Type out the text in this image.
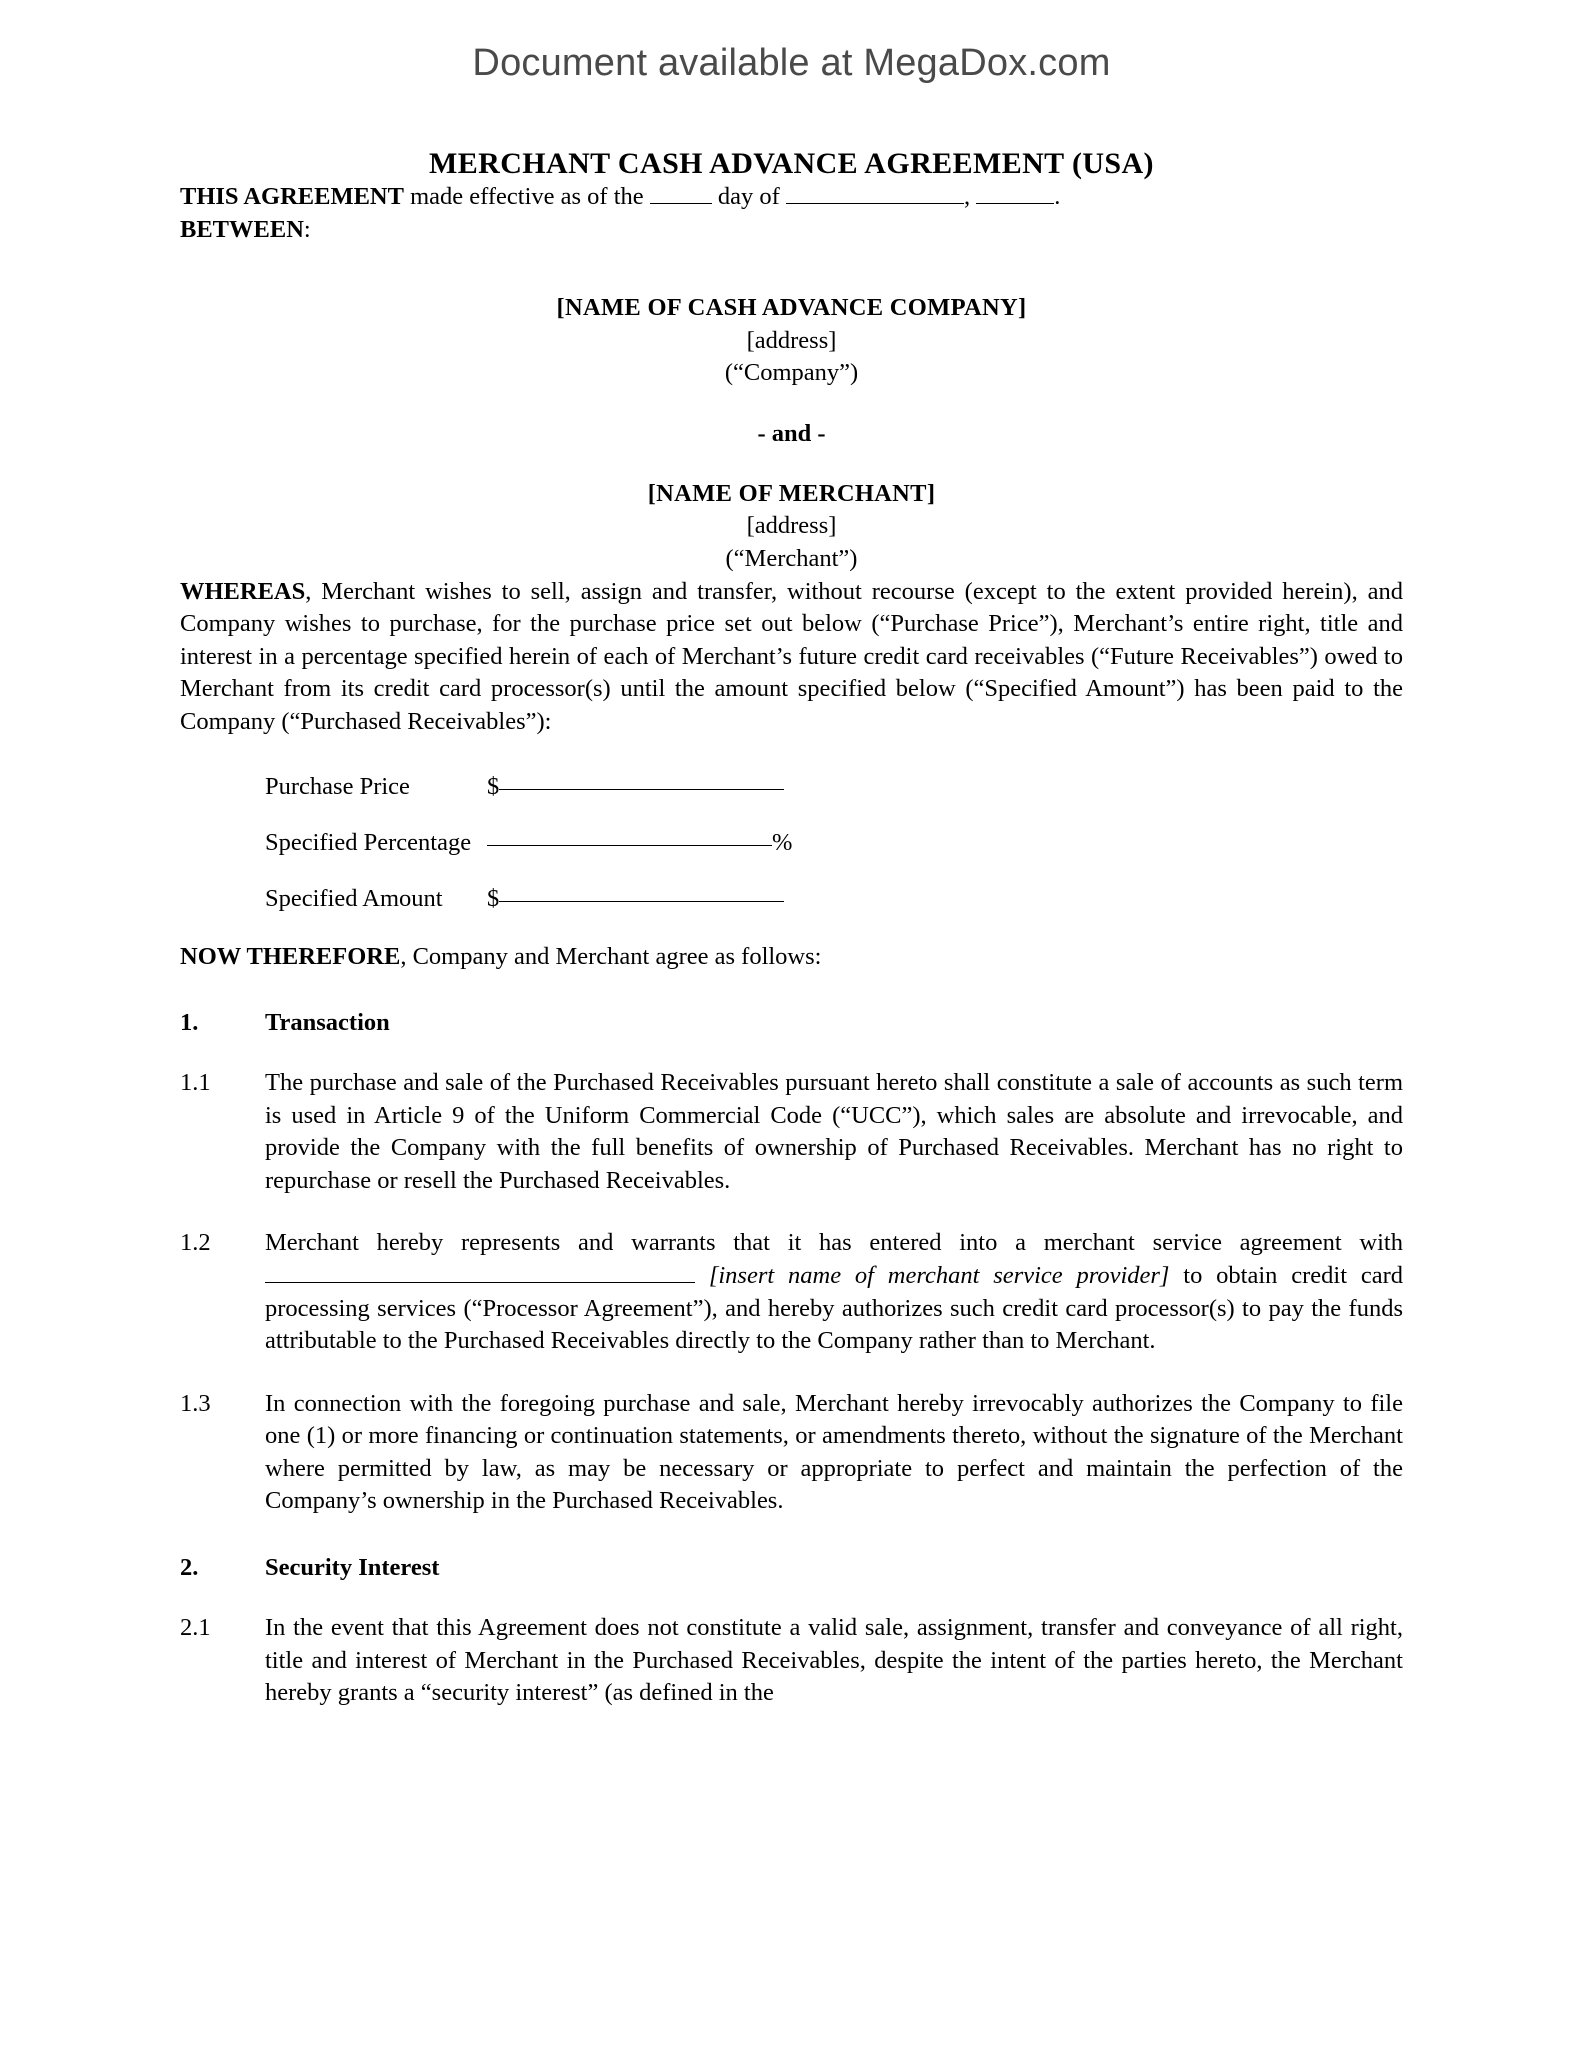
Document available at MegaDox.com
MERCHANT CASH ADVANCE AGREEMENT (USA)

THIS AGREEMENT made effective as of the	day of	,	.

BETWEEN:

[NAME OF CASH ADVANCE COMPANY]
[address]
(“Company”)
- and -
[NAME OF MERCHANT]
[address]
(“Merchant”)

WHEREAS, Merchant wishes to sell, assign and transfer, without recourse (except to the extent provided herein), and Company wishes to purchase, for the purchase price set out below (“Purchase Price”), Merchant’s entire right, title and interest in a percentage specified herein of each of Merchant’s future credit card receivables (“Future Receivables”) owed to Merchant from its credit card processor(s) until the amount specified below (“Specified Amount”) has been paid to the Company (“Purchased Receivables”):

Purchase Price	$
Specified Percentage	%
Specified Amount	$

NOW THEREFORE, Company and Merchant agree as follows:

1.	Transaction
1.1	The purchase and sale of the Purchased Receivables pursuant hereto shall constitute a sale of accounts as such term is used in Article 9 of the Uniform Commercial Code (“UCC”), which sales are absolute and irrevocable, and provide the Company with the full benefits of ownership of Purchased Receivables. Merchant has no right to repurchase or resell the Purchased Receivables.
1.2	Merchant hereby represents and warrants that it has entered into a merchant service agreement with  [insert name of merchant service provider] to obtain credit card processing services (“Processor Agreement”), and hereby authorizes such credit card processor(s) to pay the funds attributable to the Purchased Receivables directly to the Company rather than to Merchant.
1.3	In connection with the foregoing purchase and sale, Merchant hereby irrevocably authorizes the Company to file one (1) or more financing or continuation statements, or amendments thereto, without the signature of the Merchant where permitted by law, as may be necessary or appropriate to perfect and maintain the perfection of the Company’s ownership in the Purchased Receivables.
2.	Security Interest
2.1	In the event that this Agreement does not constitute a valid sale, assignment, transfer and conveyance of all right, title and interest of Merchant in the Purchased Receivables, despite the intent of the parties hereto, the Merchant hereby grants a “security interest” (as defined in the
